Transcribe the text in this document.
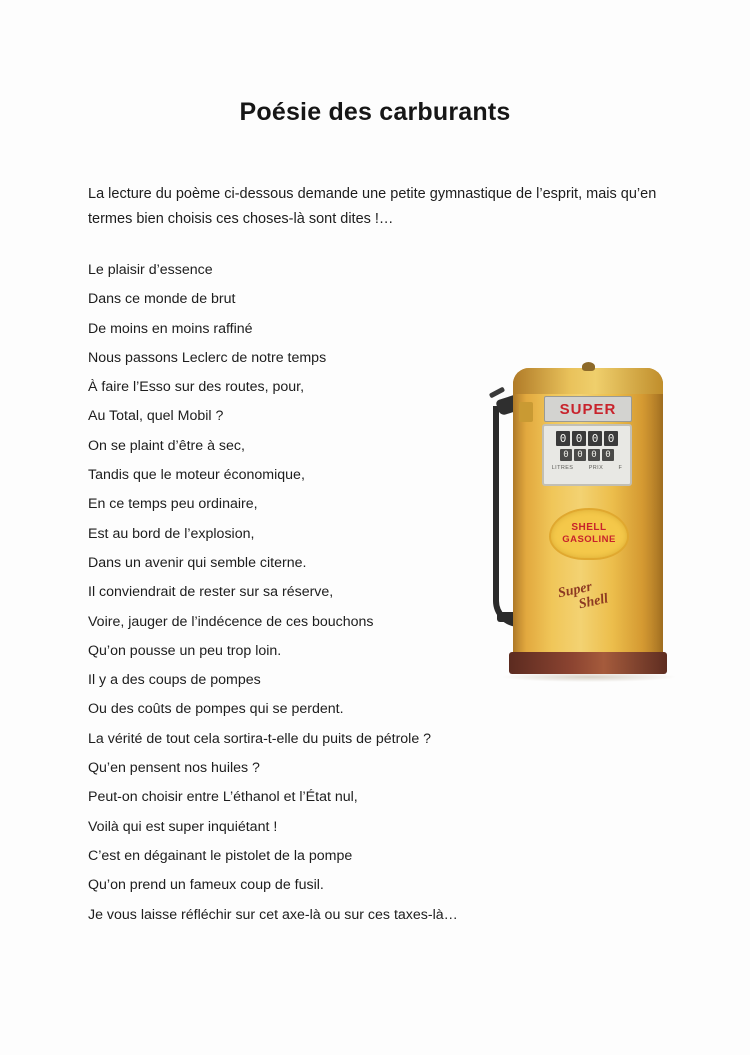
Poésie des carburants
La lecture du poème ci-dessous demande une petite gymnastique de l’esprit, mais qu’en termes bien choisis ces choses-là sont dites !…
Le plaisir d’essence
Dans ce monde de brut
De moins en moins raffiné
Nous passons Leclerc de notre temps
À faire l’Esso sur des routes, pour,
Au Total, quel Mobil ?
On se plaint d’être à sec,
Tandis que le moteur économique,
En ce temps peu ordinaire,
Est au bord de l’explosion,
Dans un avenir qui semble citerne.
Il conviendrait de rester sur sa réserve,
Voire, jauger de l’indécence de ces bouchons
Qu’on pousse un peu trop loin.
Il y a des coups de pompes
Ou des coûts de pompes qui se perdent.
La vérité de tout cela sortira-t-elle du puits de pétrole ?
Qu’en pensent nos huiles ?
Peut-on choisir entre L’éthanol et l’État nul,
Voilà qui est super inquiétant !
C’est en dégainant le pistolet de la pompe
Qu’on prend un fameux coup de fusil.
Je vous laisse réfléchir sur cet axe-là ou sur ces taxes-là…
SUPER
0 0 0 0
0 0 0 0
LITRES	PRIX	F
SHELL
GASOLINE
Super
Shell
